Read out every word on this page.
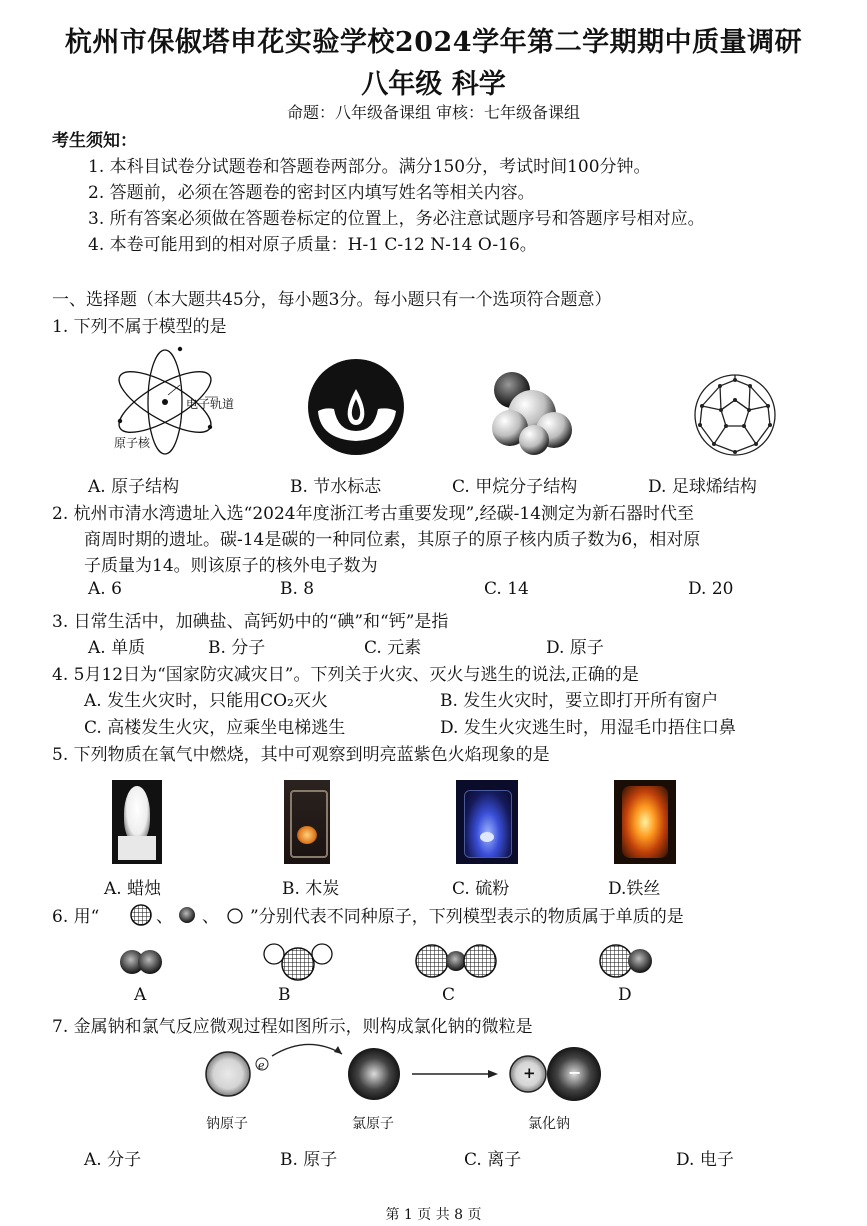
杭州市保俶塔申花实验学校2024学年第二学期期中质量调研
八年级 科学
命题：八年级备课组 审核：七年级备课组
考生须知：
1. 本科目试卷分试题卷和答题卷两部分。满分150分，考试时间100分钟。
2. 答题前，必须在答题卷的密封区内填写姓名等相关内容。
3. 所有答案必须做在答题卷标定的位置上，务必注意试题序号和答题序号相对应。
4. 本卷可能用到的相对原子质量：H-1 C-12 N-14 O-16。
一、选择题（本大题共45分，每小题3分。每小题只有一个选项符合题意）
1. 下列不属于模型的是
电子轨道
原子核
A. 原子结构	B. 节水标志	C. 甲烷分子结构	D. 足球烯结构
2. 杭州市清水湾遗址入选“2024年度浙江考古重要发现”,经碳-14测定为新石器时代至
商周时期的遗址。碳-14是碳的一种同位素，其原子的原子核内质子数为6，相对原
子质量为14。则该原子的核外电子数为
A. 6	B. 8	C. 14	D. 20
3. 日常生活中，加碘盐、高钙奶中的“碘”和“钙”是指
A. 单质	B. 分子	C. 元素	D. 原子
4. 5月12日为“国家防灾减灾日”。下列关于火灾、灭火与逃生的说法,正确的是
A. 发生火灾时，只能用CO₂灭火	B. 发生火灾时，要立即打开所有窗户
C. 高楼发生火灾，应乘坐电梯逃生	D. 发生火灾逃生时，用湿毛巾捂住口鼻
5. 下列物质在氧气中燃烧，其中可观察到明亮蓝紫色火焰现象的是
A. 蜡烛	B. 木炭	C. 硫粉	D.铁丝
6. 用“	、 、 ”分别代表不同种原子，下列模型表示的物质属于单质的是
A	B	C	D
7. 金属钠和氯气反应微观过程如图所示，则构成氯化钠的微粒是
e	+ −
钠原子	氯原子	氯化钠
A. 分子	B. 原子	C. 离子	D. 电子
第 1 页 共 8 页
